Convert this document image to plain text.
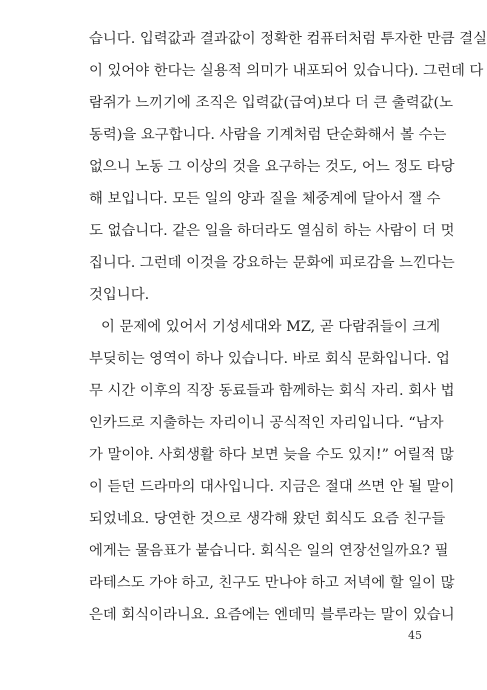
습니다. 입력값과 결과값이 정확한 컴퓨터처럼 투자한 만큼 결실
이 있어야 한다는 실용적 의미가 내포되어 있습니다). 그런데 다
람쥐가 느끼기에 조직은 입력값(급여)보다 더 큰 출력값(노
동력)을 요구합니다. 사람을 기계처럼 단순화해서 볼 수는
없으니 노동 그 이상의 것을 요구하는 것도, 어느 정도 타당
해 보입니다. 모든 일의 양과 질을 체중계에 달아서 잴 수
도 없습니다. 같은 일을 하더라도 열심히 하는 사람이 더 멋
집니다. 그런데 이것을 강요하는 문화에 피로감을 느낀다는
것입니다.
이 문제에 있어서 기성세대와 MZ, 곧 다람쥐들이 크게
부딪히는 영역이 하나 있습니다. 바로 회식 문화입니다. 업
무 시간 이후의 직장 동료들과 함께하는 회식 자리. 회사 법
인카드로 지출하는 자리이니 공식적인 자리입니다. “남자
가 말이야. 사회생활 하다 보면 늦을 수도 있지!” 어릴적 많
이 듣던 드라마의 대사입니다. 지금은 절대 쓰면 안 될 말이
되었네요. 당연한 것으로 생각해 왔던 회식도 요즘 친구들
에게는 물음표가 붙습니다. 회식은 일의 연장선일까요? 필
라테스도 가야 하고, 친구도 만나야 하고 저녁에 할 일이 많
은데 회식이라니요. 요즘에는 엔데믹 블루라는 말이 있습니
45
